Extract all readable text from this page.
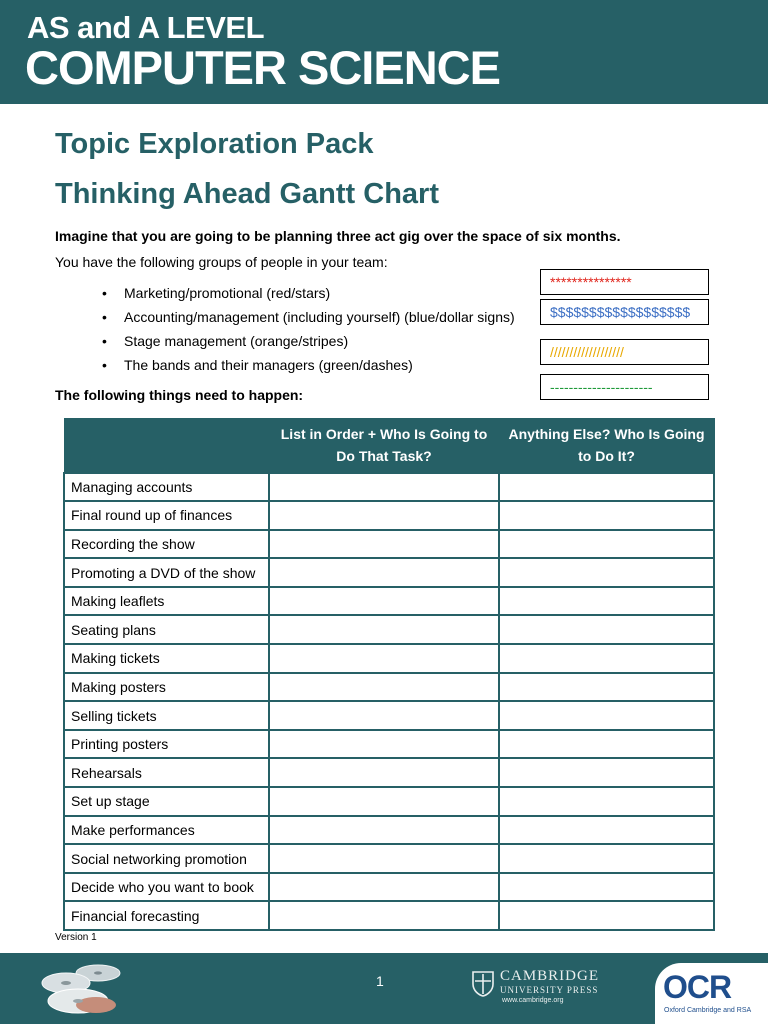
AS and A LEVEL
COMPUTER SCIENCE
Topic Exploration Pack
Thinking Ahead Gantt Chart
Imagine that you are going to be planning three act gig over the space of six months.
You have the following groups of people in your team:
• Marketing/promotional (red/stars)
• Accounting/management (including yourself) (blue/dollar signs)
• Stage management (orange/stripes)
• The bands and their managers (green/dashes)
***************
$$$$$$$$$$$$$$$$$$
///////////////////
----------------------
The following things need to happen:
	List in Order + Who Is Going to Do That Task?	Anything Else? Who Is Going to Do It?
Managing accounts		
Final round up of finances		
Recording the show		
Promoting a DVD of the show		
Making leaflets		
Seating plans		
Making tickets		
Making posters		
Selling tickets		
Printing posters		
Rehearsals		
Set up stage		
Make performances		
Social networking promotion		
Decide who you want to book		
Financial forecasting		
Version 1
1	CAMBRIDGE
UNIVERSITY PRESS
www.cambridge.org	OCR
Oxford Cambridge and RSA
